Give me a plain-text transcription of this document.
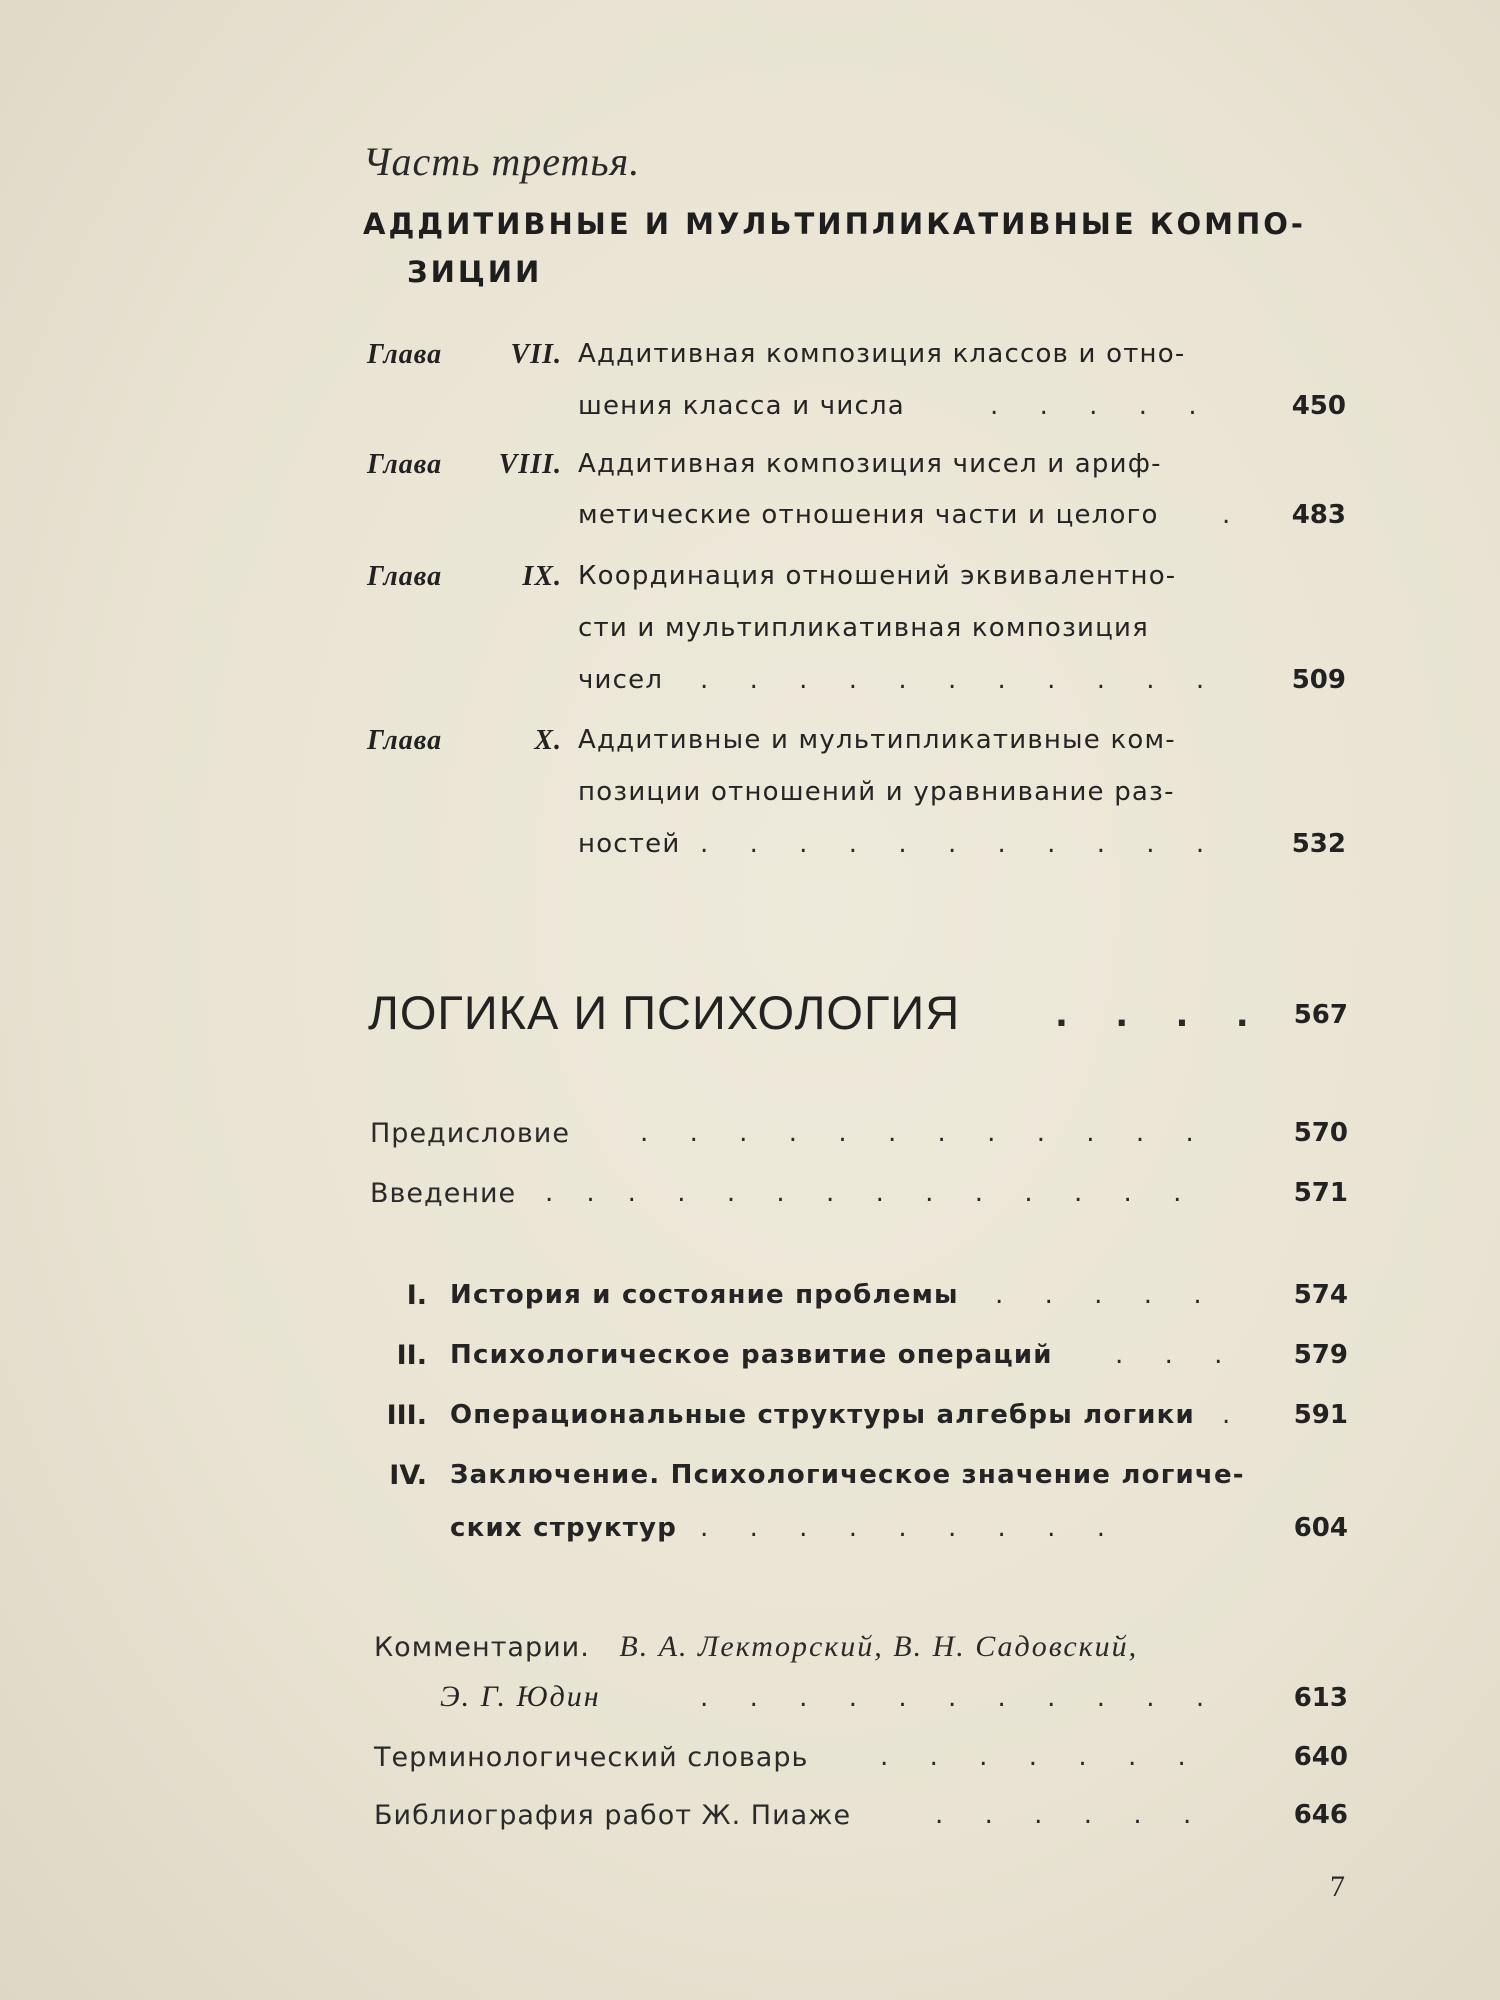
Часть третья.
АДДИТИВНЫЕ И МУЛЬТИПЛИКАТИВНЫЕ КОМПО-
ЗИЦИИ
Глава VII. Аддитивная композиция классов и отно-
шения класса и числа	.     .     .     .     .	450
Глава VIII. Аддитивная композиция чисел и ариф-
метические отношения части и целого .	483
Глава	IX. Координация отношений эквивалентно-
сти и мультипликативная композиция
чисел .     .     .     .     .     .     .     .     .     .     .	509
Глава	X. Аддитивные и мультипликативные ком-
позиции отношений и уравнивание раз-
ностей .     .     .     .     .     .     .     .     .     .     .	532
ЛОГИКА И ПСИХОЛОГИЯ	.    .    .    .	567
Предисловие	.     .     .     .     .     .     .     .     .     .     .     .	570
Введение .    .    .     .     .     .     .     .     .     .     .     .     .     .	571
I. История и состояние проблемы .     .     .     .     .	574
II. Психологическое развитие операций .     .     .	579
III. Операциональные структуры алгебры логики .	591
IV. Заключение. Психологическое значение логиче-
ских структур .     .     .     .     .     .     .     .     .	604
Комментарии. В. А. Лекторский, В. Н. Садовский,
Э. Г. Юдин	.     .     .     .     .     .     .     .     .     .     .	613
Терминологический словарь	.     .     .     .     .     .     .	640
Библиография работ Ж. Пиаже	.     .     .     .     .     .	646
7
